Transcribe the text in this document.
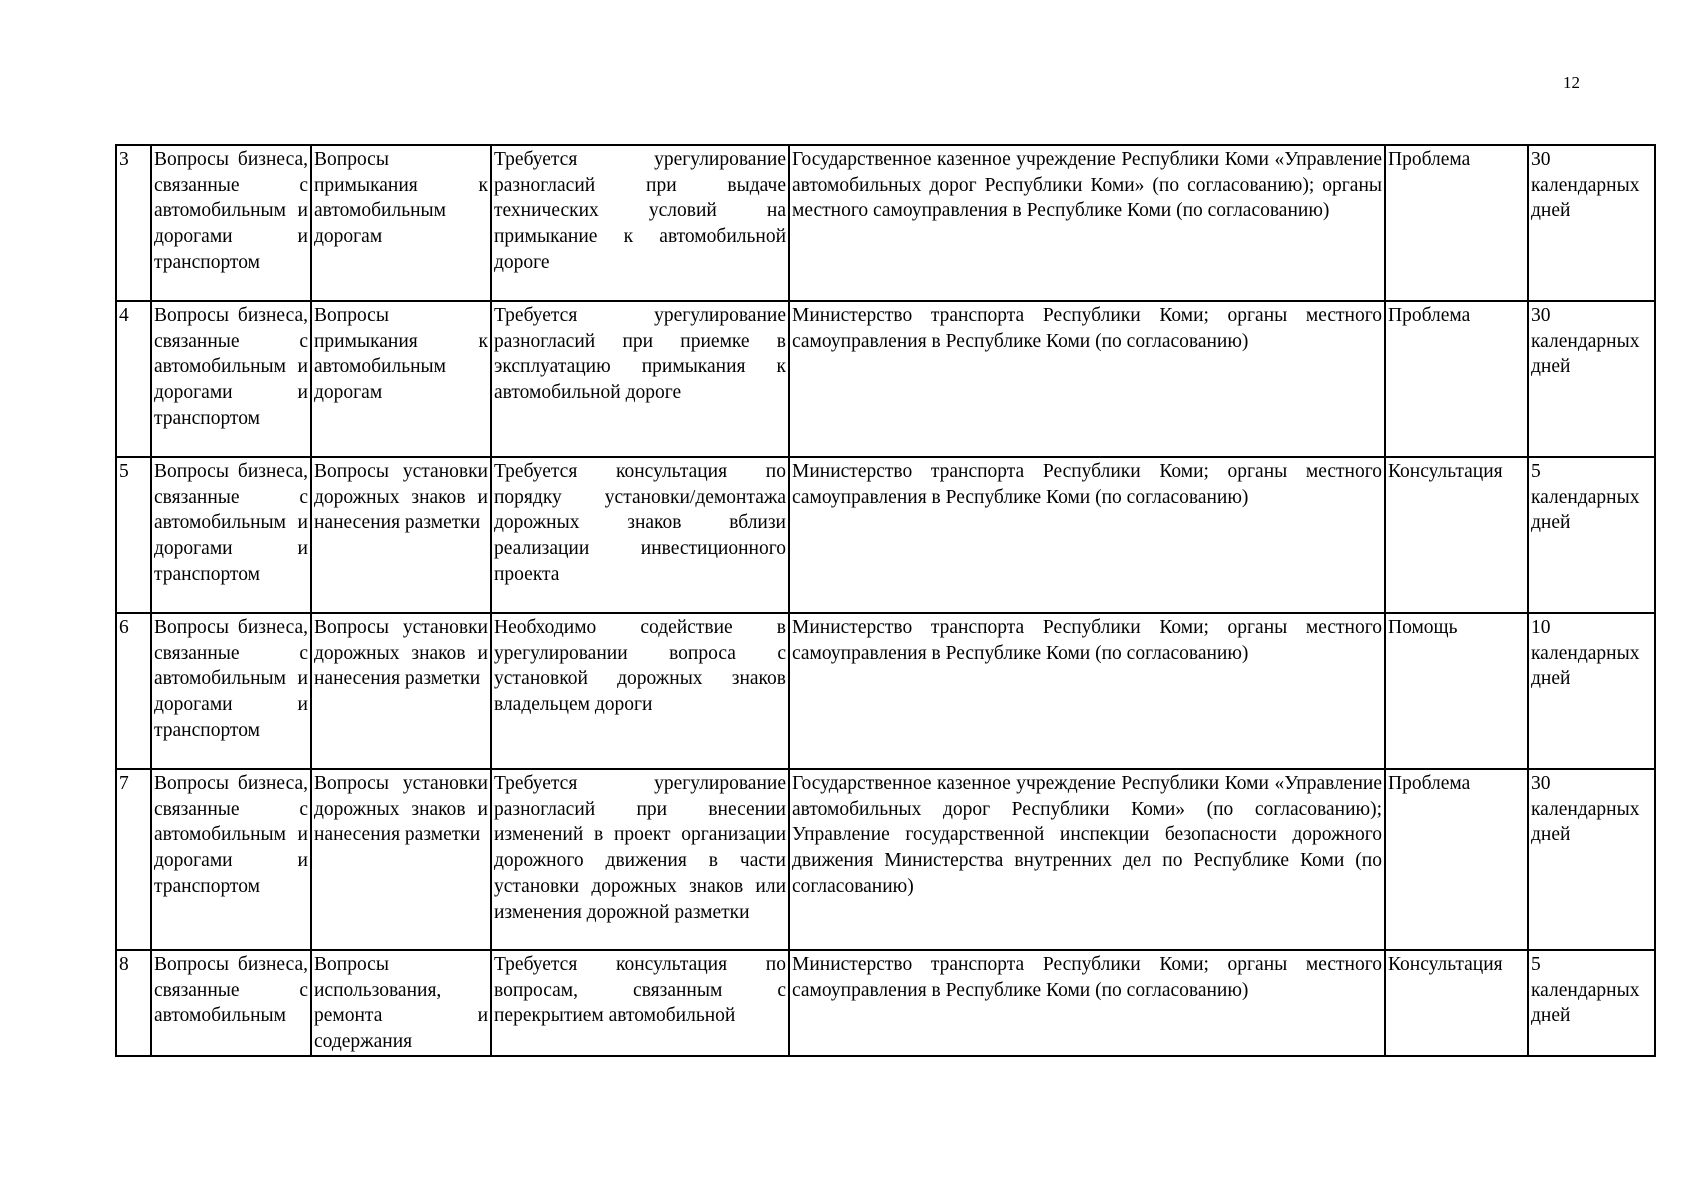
12
3	Вопросы бизнеса, связанные с автомобильным и дорогами и транспортом	Вопросы примыкания к автомобильным дорогам	Требуется урегулирование разногласий при выдаче технических условий на примыкание к автомобильной дороге	Государственное казенное учреждение Республики Коми «Управление автомобильных дорог Республики Коми» (по согласованию); органы местного самоуправления в Республике Коми (по согласованию)	Проблема	30 календарных дней
4	Вопросы бизнеса, связанные с автомобильным и дорогами и транспортом	Вопросы примыкания к автомобильным дорогам	Требуется урегулирование разногласий при приемке в эксплуатацию примыкания к автомобильной дороге	Министерство транспорта Республики Коми; органы местного самоуправления в Республике Коми (по согласованию)	Проблема	30 календарных дней
5	Вопросы бизнеса, связанные с автомобильным и дорогами и транспортом	Вопросы установки дорожных знаков и нанесения разметки	Требуется консультация по порядку установки/демонтажа дорожных знаков вблизи реализации инвестиционного проекта	Министерство транспорта Республики Коми; органы местного самоуправления в Республике Коми (по согласованию)	Консультация	5 календарных дней
6	Вопросы бизнеса, связанные с автомобильным и дорогами и транспортом	Вопросы установки дорожных знаков и нанесения разметки	Необходимо содействие в урегулировании вопроса с установкой дорожных знаков владельцем дороги	Министерство транспорта Республики Коми; органы местного самоуправления в Республике Коми (по согласованию)	Помощь	10 календарных дней
7	Вопросы бизнеса, связанные с автомобильным и дорогами и транспортом	Вопросы установки дорожных знаков и нанесения разметки	Требуется урегулирование разногласий при внесении изменений в проект организации дорожного движения в части установки дорожных знаков или изменения дорожной разметки	Государственное казенное учреждение Республики Коми «Управление автомобильных дорог Республики Коми» (по согласованию); Управление государственной инспекции безопасности дорожного движения Министерства внутренних дел по Республике Коми (по согласованию)	Проблема	30 календарных дней
8	Вопросы бизнеса, связанные с автомобильным	Вопросы использования, ремонта и содержания	Требуется консультация по вопросам, связанным с перекрытием автомобильной	Министерство транспорта Республики Коми; органы местного самоуправления в Республике Коми (по согласованию)	Консультация	5 календарных дней
